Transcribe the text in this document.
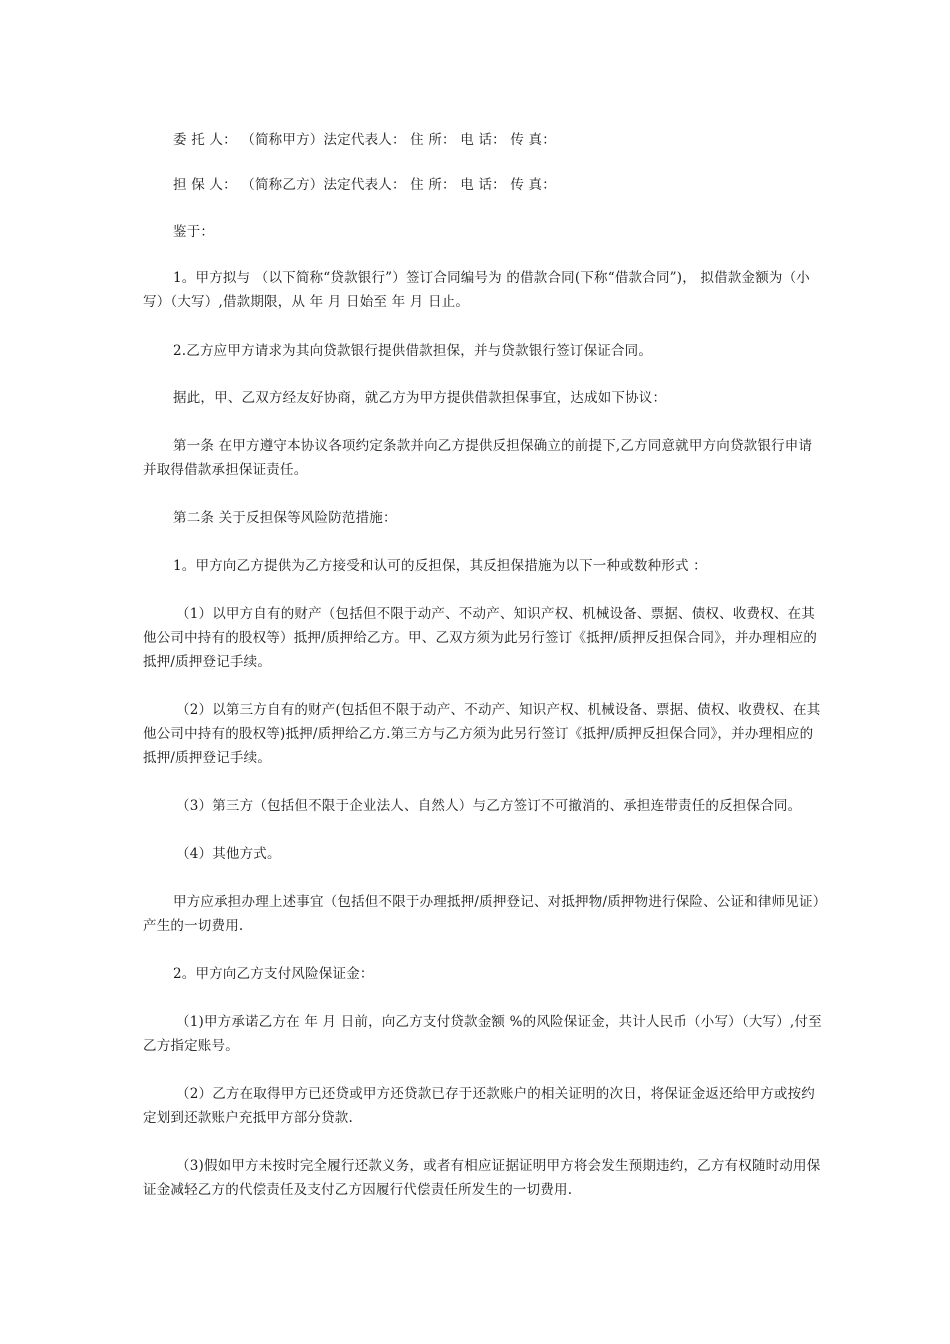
委 托 人： （简称甲方）法定代表人： 住 所： 电 话： 传 真：

担 保 人： （简称乙方）法定代表人： 住 所： 电 话： 传 真：

鉴于：

1。甲方拟与 （以下简称“贷款银行”）签订合同编号为 的借款合同(下称“借款合同”)， 拟借款金额为（小写）（大写）,借款期限，从 年 月 日始至 年 月 日止。

2.乙方应甲方请求为其向贷款银行提供借款担保，并与贷款银行签订保证合同。

据此，甲、乙双方经友好协商，就乙方为甲方提供借款担保事宜，达成如下协议：

第一条 在甲方遵守本协议各项约定条款并向乙方提供反担保确立的前提下,乙方同意就甲方向贷款银行申请并取得借款承担保证责任。

第二条 关于反担保等风险防范措施：

1。甲方向乙方提供为乙方接受和认可的反担保，其反担保措施为以下一种或数种形式 ：

（1）以甲方自有的财产（包括但不限于动产、不动产、知识产权、机械设备、票据、债权、收费权、在其他公司中持有的股权等）抵押/质押给乙方。甲、乙双方须为此另行签订《抵押/质押反担保合同》，并办理相应的抵押/质押登记手续。

（2）以第三方自有的财产(包括但不限于动产、不动产、知识产权、机械设备、票据、债权、收费权、在其他公司中持有的股权等)抵押/质押给乙方.第三方与乙方须为此另行签订《抵押/质押反担保合同》，并办理相应的抵押/质押登记手续。

（3）第三方（包括但不限于企业法人、自然人）与乙方签订不可撤消的、承担连带责任的反担保合同。

（4）其他方式。

甲方应承担办理上述事宜（包括但不限于办理抵押/质押登记、对抵押物/质押物进行保险、公证和律师见证）产生的一切费用.

2。甲方向乙方支付风险保证金：

（1)甲方承诺乙方在 年 月 日前，向乙方支付贷款金额 %的风险保证金，共计人民币（小写）（大写）,付至乙方指定账号。

（2）乙方在取得甲方已还贷或甲方还贷款已存于还款账户的相关证明的次日，将保证金返还给甲方或按约定划到还款账户充抵甲方部分贷款.

（3)假如甲方未按时完全履行还款义务，或者有相应证据证明甲方将会发生预期违约，乙方有权随时动用保证金减轻乙方的代偿责任及支付乙方因履行代偿责任所发生的一切费用.
